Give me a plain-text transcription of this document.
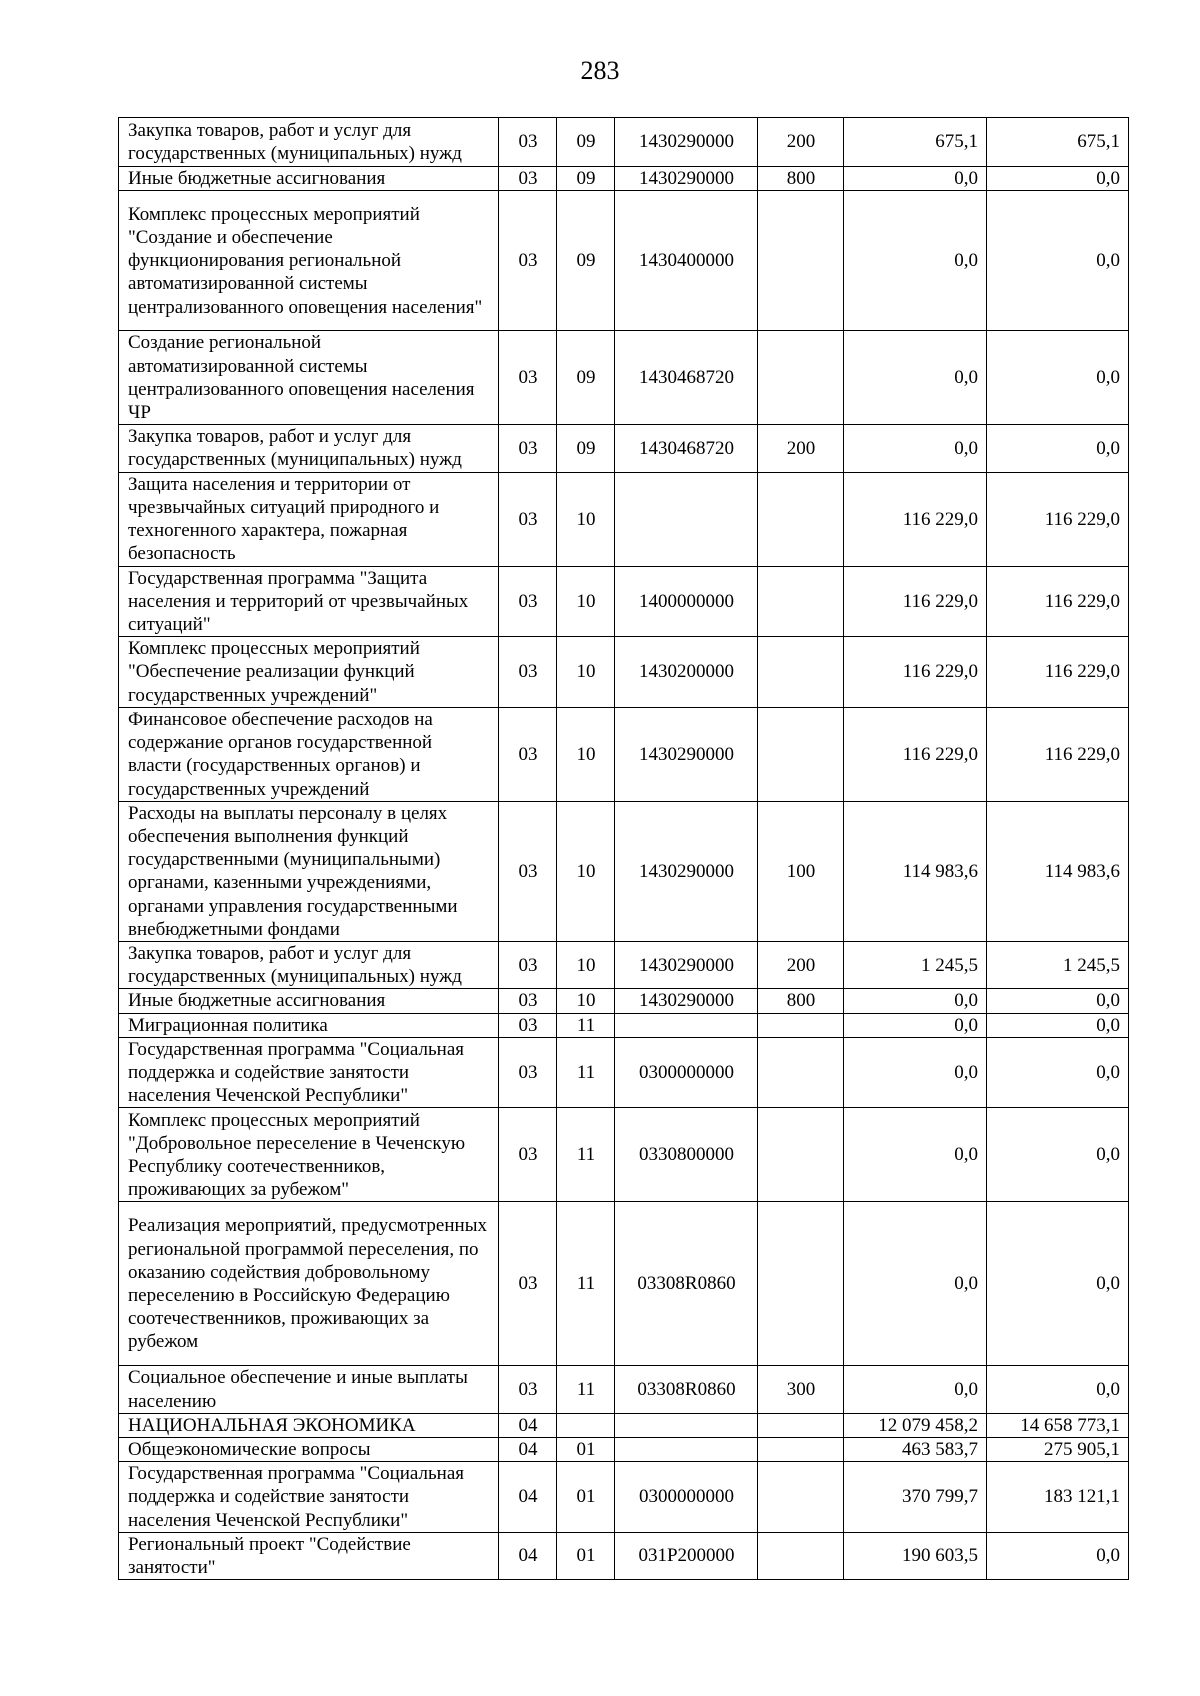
283
Закупка товаров, работ и услуг для государственных (муниципальных) нужд	03	09	1430290000	200	675,1	675,1
Иные бюджетные ассигнования	03	09	1430290000	800	0,0	0,0
Комплекс процессных мероприятий "Создание и обеспечение функционирования региональной автоматизированной системы централизованного оповещения населения"	03	09	1430400000		0,0	0,0
Создание региональной автоматизированной системы централизованного оповещения населения ЧР	03	09	1430468720		0,0	0,0
Закупка товаров, работ и услуг для государственных (муниципальных) нужд	03	09	1430468720	200	0,0	0,0
Защита населения и территории от чрезвычайных ситуаций природного и техногенного характера, пожарная безопасность	03	10			116 229,0	116 229,0
Государственная программа "Защита населения и территорий от чрезвычайных ситуаций"	03	10	1400000000		116 229,0	116 229,0
Комплекс процессных мероприятий "Обеспечение реализации функций государственных учреждений"	03	10	1430200000		116 229,0	116 229,0
Финансовое обеспечение расходов на содержание органов государственной власти (государственных органов) и государственных учреждений	03	10	1430290000		116 229,0	116 229,0
Расходы на выплаты персоналу в целях обеспечения выполнения функций государственными (муниципальными) органами, казенными учреждениями, органами управления государственными внебюджетными фондами	03	10	1430290000	100	114 983,6	114 983,6
Закупка товаров, работ и услуг для государственных (муниципальных) нужд	03	10	1430290000	200	1 245,5	1 245,5
Иные бюджетные ассигнования	03	10	1430290000	800	0,0	0,0
Миграционная политика	03	11			0,0	0,0
Государственная программа "Социальная поддержка и содействие занятости населения Чеченской Республики"	03	11	0300000000		0,0	0,0
Комплекс процессных мероприятий "Добровольное переселение в Чеченскую Республику соотечественников, проживающих за рубежом"	03	11	0330800000		0,0	0,0
Реализация мероприятий, предусмотренных региональной программой переселения, по оказанию содействия добровольному переселению в Российскую Федерацию соотечественников, проживающих за рубежом	03	11	03308R0860		0,0	0,0
Социальное обеспечение и иные выплаты населению	03	11	03308R0860	300	0,0	0,0
НАЦИОНАЛЬНАЯ ЭКОНОМИКА	04				12 079 458,2	14 658 773,1
Общеэкономические вопросы	04	01			463 583,7	275 905,1
Государственная программа "Социальная поддержка и содействие занятости населения Чеченской Республики"	04	01	0300000000		370 799,7	183 121,1
Региональный проект "Содействие занятости"	04	01	031P200000		190 603,5	0,0
